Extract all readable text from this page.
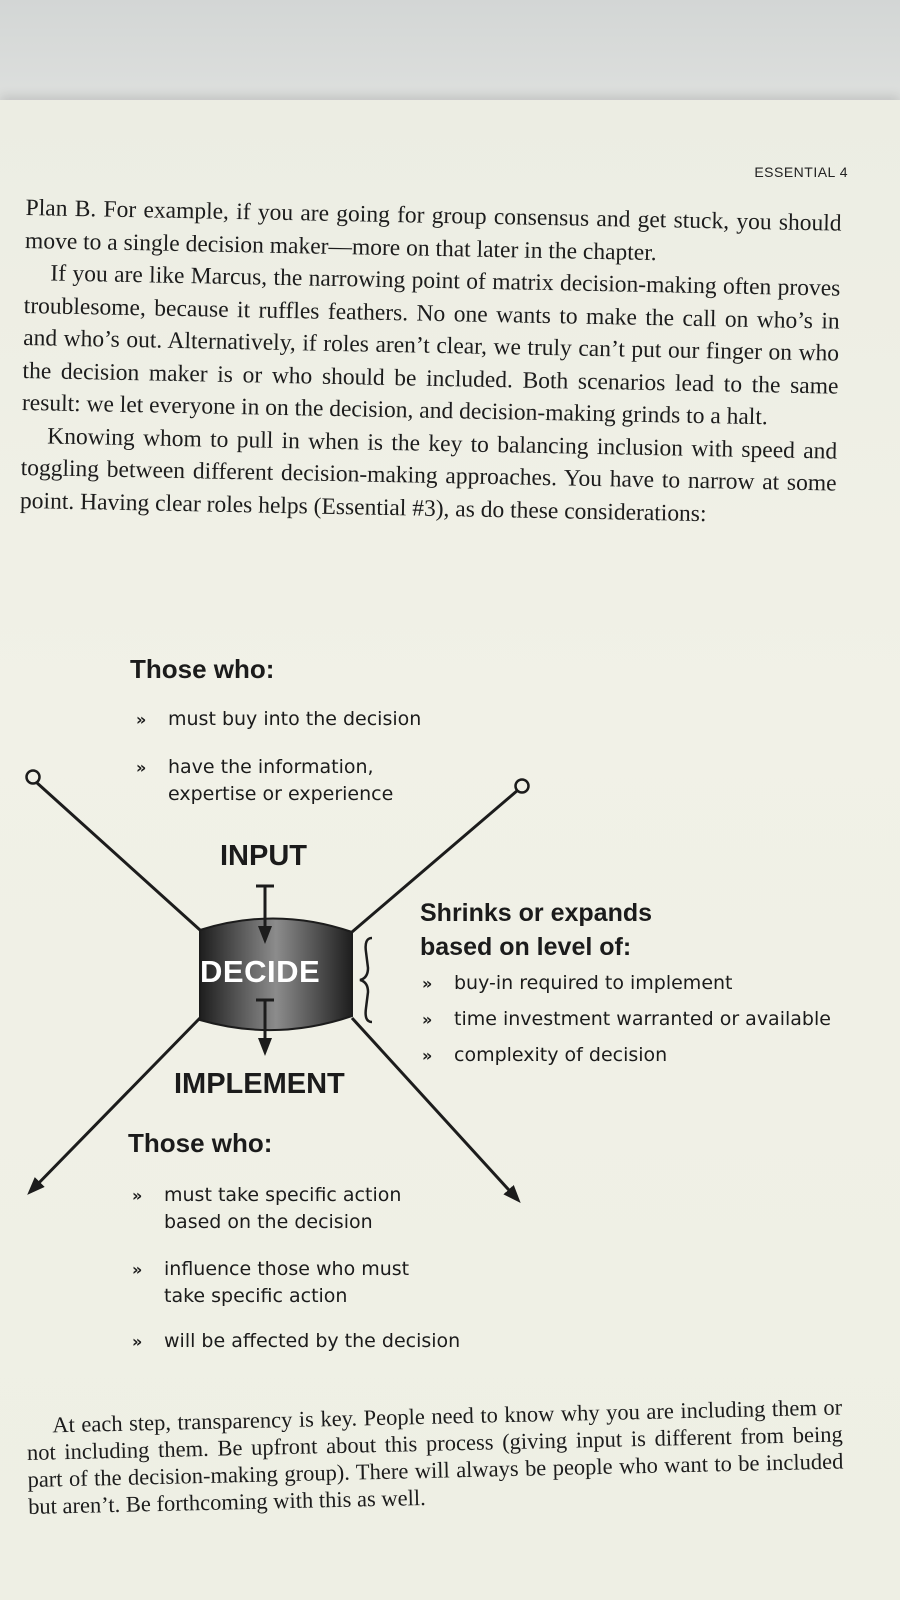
ESSENTIAL 4

Plan B. For example, if you are going for group consensus and get stuck, you should move to a single decision maker—more on that later in the chapter.

If you are like Marcus, the narrowing point of matrix decision-making often proves troublesome, because it ruffles feathers. No one wants to make the call on who’s in and who’s out. Alternatively, if roles aren’t clear, we truly can’t put our finger on who the decision maker is or who should be included. Both scenarios lead to the same result: we let everyone in on the decision, and decision-making grinds to a halt.

Knowing whom to pull in when is the key to balancing inclusion with speed and toggling between different decision-making approaches. You have to narrow at some point. Having clear roles helps (Essential #3), as do these considerations:

Those who:
» must buy into the decision
» have the information,
expertise or experience
INPUT
DECIDE
IMPLEMENT
Shrinks or expands
based on level of:
» buy-in required to implement
» time investment warranted or available
» complexity of decision
Those who:
» must take specific action
based on the decision
» influence those who must
take specific action
» will be affected by the decision

At each step, transparency is key. People need to know why you are including them or not including them. Be upfront about this process (giving input is different from being part of the decision-making group). There will always be people who want to be included but aren’t. Be forthcoming with this as well.
